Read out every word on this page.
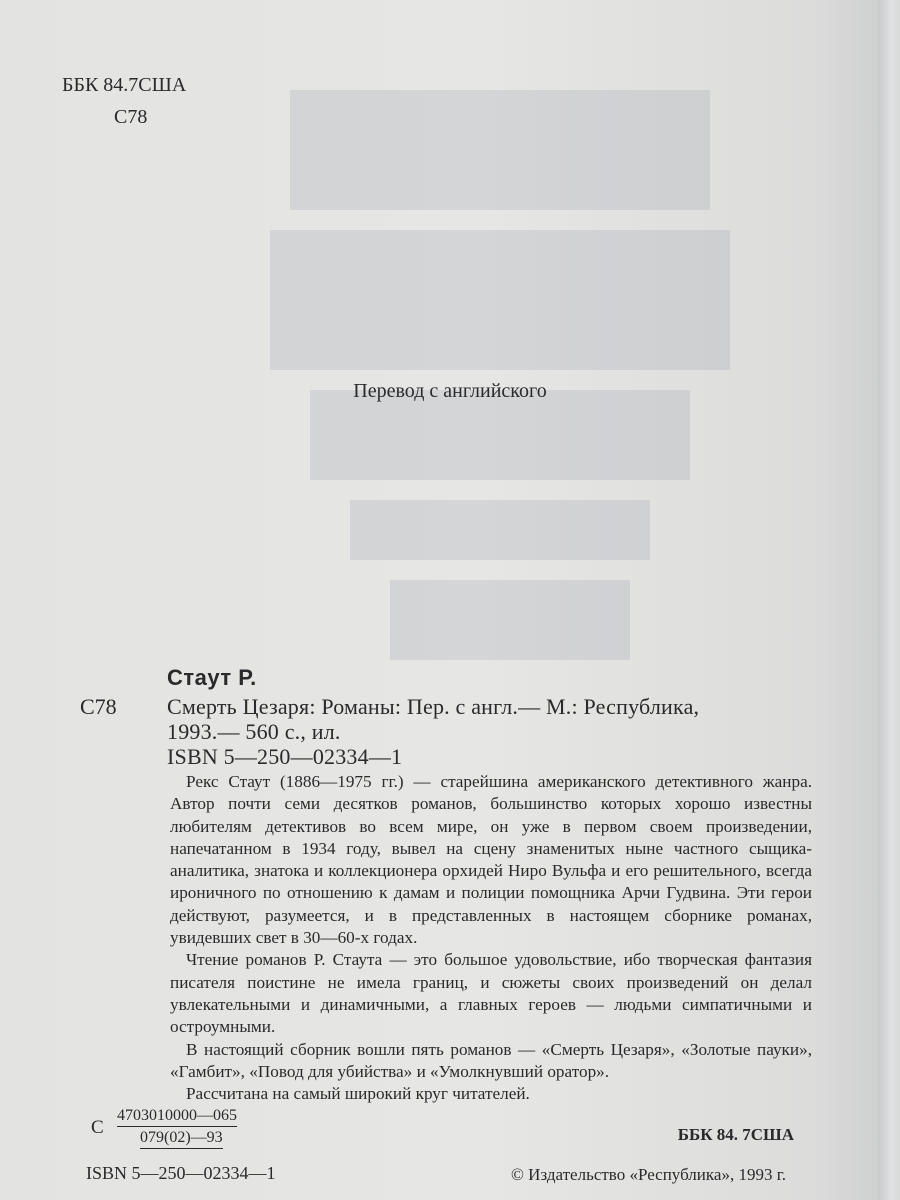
ББК 84.7США
С78
Перевод с английского
Стаут Р.
С78 Смерть Цезаря: Романы: Пер. с англ.— М.: Республика,
1993.— 560 с., ил.
ISBN 5—250—02334—1

Рекс Стаут (1886—1975 гг.) — старейшина американского детективного жанра. Автор почти семи десятков романов, большинство которых хорошо известны любителям детективов во всем мире, он уже в первом своем произведении, напечатанном в 1934 году, вывел на сцену знаменитых ныне частного сыщика-аналитика, знатока и коллекционера орхидей Ниро Вульфа и его решительного, всегда ироничного по отношению к дамам и полиции помощника Арчи Гудвина. Эти герои действуют, разумеется, и в представленных в настоящем сборнике романах, увидевших свет в 30—60-х годах.

Чтение романов Р. Стаута — это большое удовольствие, ибо творческая фантазия писателя поистине не имела границ, и сюжеты своих произведений он делал увлекательными и динамичными, а главных героев — людьми симпатичными и остроумными.

В настоящий сборник вошли пять романов — «Смерть Цезаря», «Золотые пауки», «Гамбит», «Повод для убийства» и «Умолкнувший оратор».

Рассчитана на самый широкий круг читателей.

С
4703010000—065
079(02)—93	ББК 84. 7США
ISBN 5—250—02334—1	© Издательство «Республика», 1993 г.
